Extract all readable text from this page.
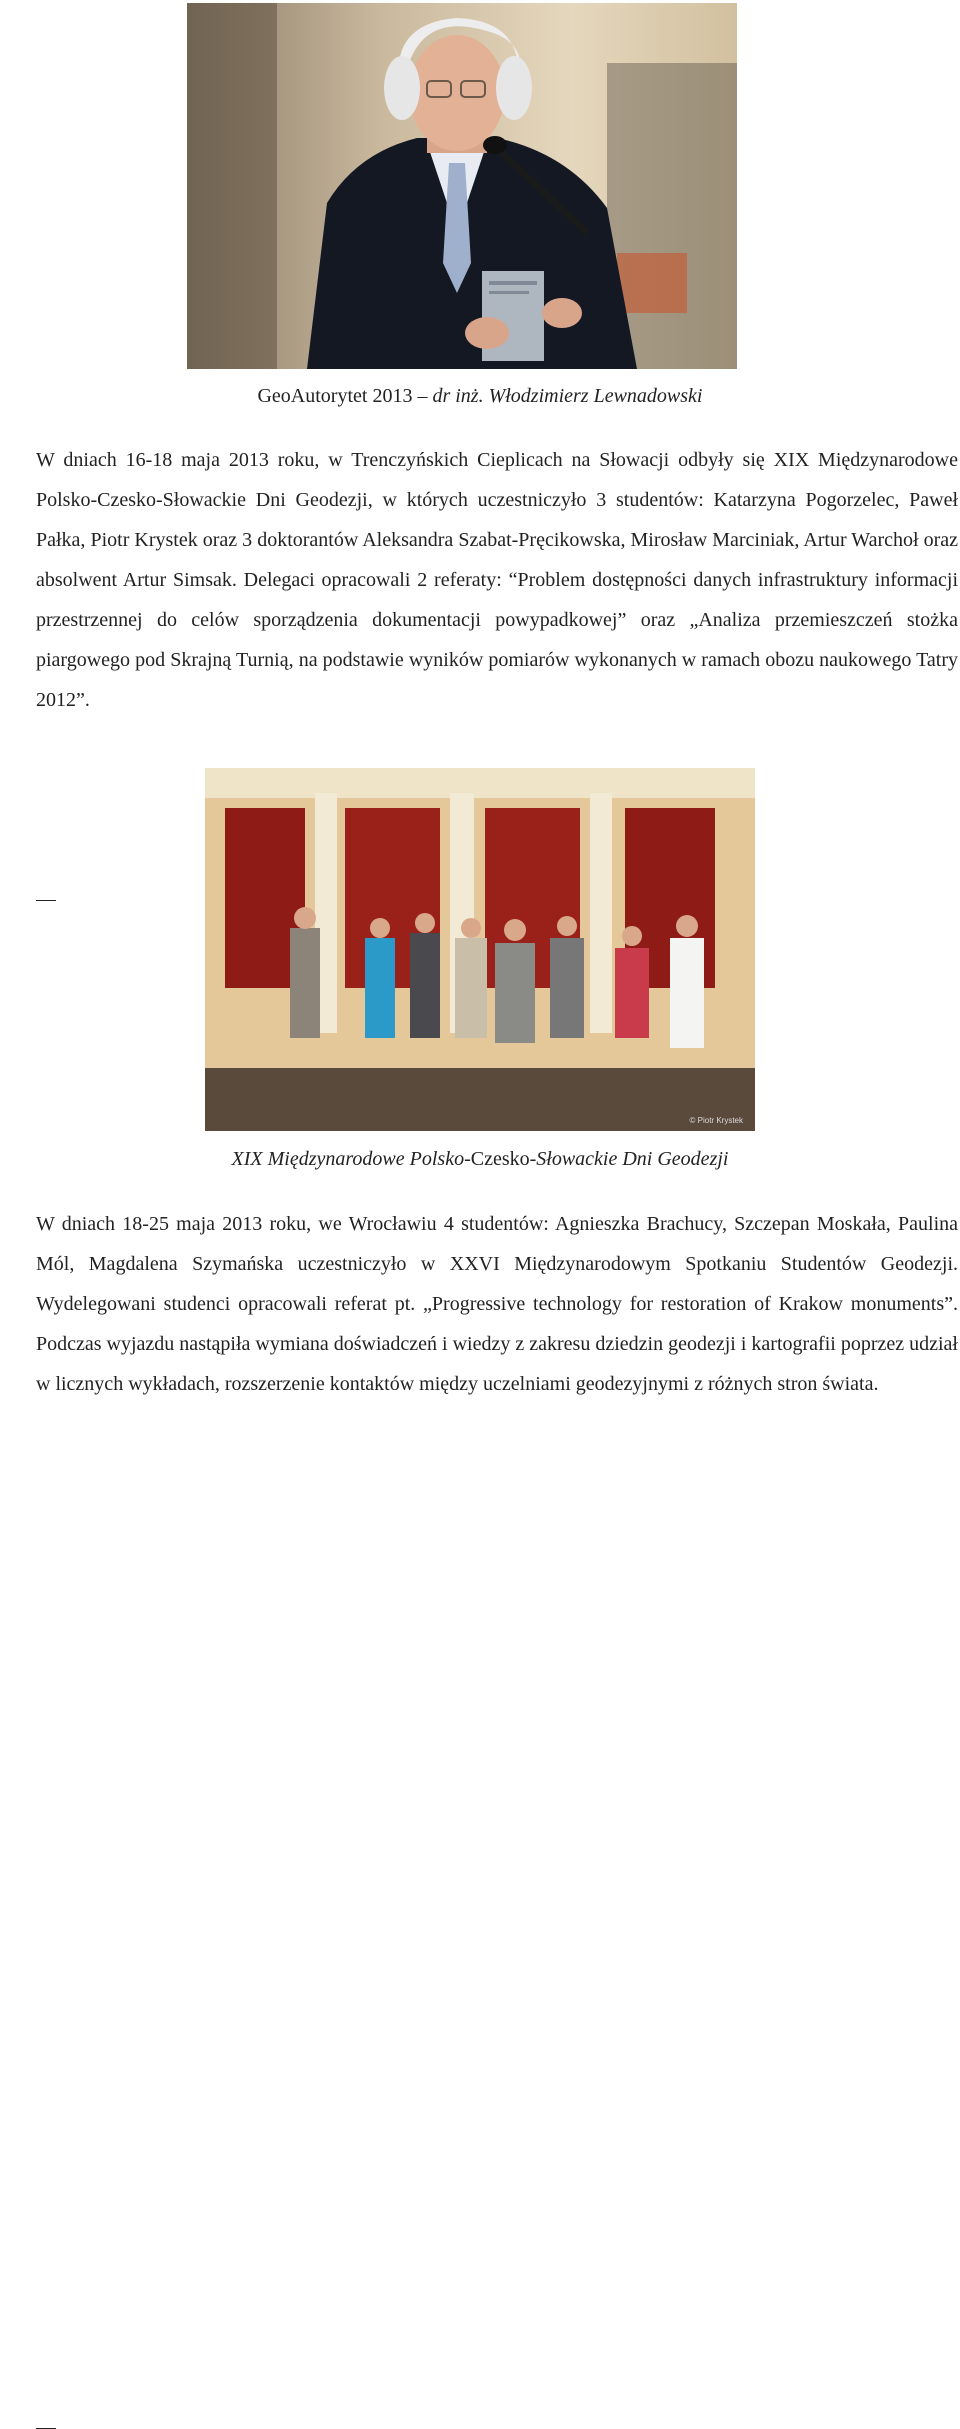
GeoAutorytet 2013 – dr inż. Włodzimierz Lewnadowski
W dniach 16-18 maja 2013 roku, w Trenczyńskich Cieplicach na Słowacji odbyły się XIX Międzynarodowe Polsko-Czesko-Słowackie Dni Geodezji, w których uczestniczyło 3 studentów: Katarzyna Pogorzelec, Paweł Pałka, Piotr Krystek oraz 3 doktorantów Aleksandra Szabat-Pręcikowska, Mirosław Marciniak, Artur Warchoł oraz absolwent Artur Simsak. Delegaci opracowali 2 referaty: “Problem dostępności danych infrastruktury informacji przestrzennej do celów sporządzenia dokumentacji powypadkowej” oraz „Analiza przemieszczeń stożka piargowego pod Skrajną Turnią, na podstawie wyników pomiarów wykonanych w ramach obozu naukowego Tatry 2012”.
© Piotr Krystek
XIX Międzynarodowe Polsko-Czesko-Słowackie Dni Geodezji
W dniach 18-25 maja 2013 roku, we Wrocławiu 4 studentów: Agnieszka Brachucy, Szczepan Moskała, Paulina Mól, Magdalena Szymańska uczestniczyło w XXVI Międzynarodowym Spotkaniu Studentów Geodezji. Wydelegowani studenci opracowali referat pt. „Progressive technology for restoration of Krakow monuments”. Podczas wyjazdu nastąpiła wymiana doświadczeń i wiedzy z zakresu dziedzin geodezji i kartografii poprzez udział w licznych wykładach, rozszerzenie kontaktów między uczelniami geodezyjnymi z różnych stron świata.
